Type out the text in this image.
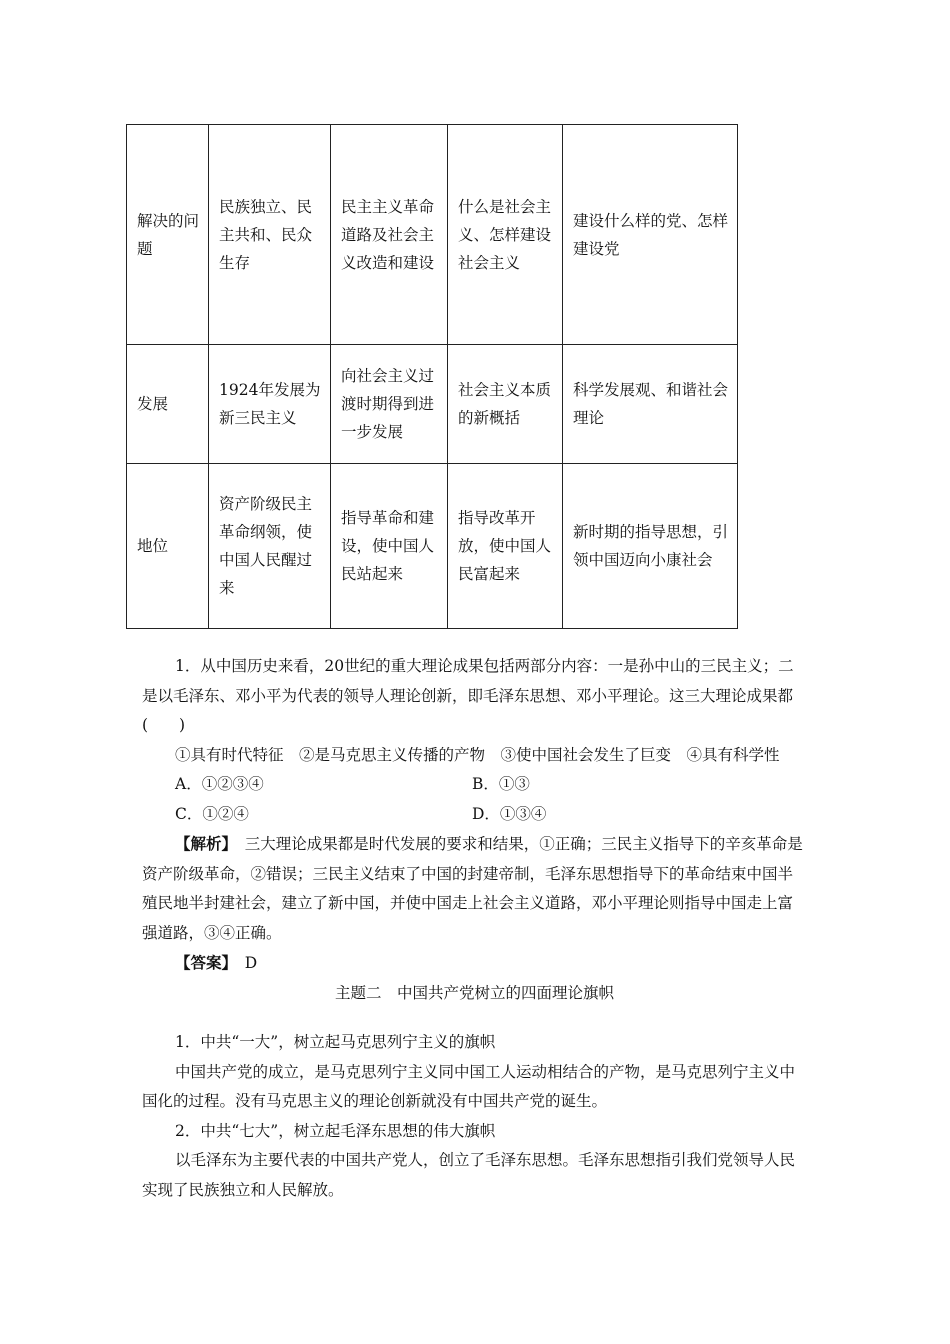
解决的问题	民族独立、民主共和、民众生存	民主主义革命道路及社会主义改造和建设	什么是社会主义、怎样建设社会主义	建设什么样的党、怎样建设党
发展	1924年发展为新三民主义	向社会主义过渡时期得到进一步发展	社会主义本质的新概括	科学发展观、和谐社会理论
地位	资产阶级民主革命纲领，使中国人民醒过来	指导革命和建设，使中国人民站起来	指导改革开放，使中国人民富起来	新时期的指导思想，引领中国迈向小康社会

1．从中国历史来看，20世纪的重大理论成果包括两部分内容：一是孙中山的三民主义；二是以毛泽东、邓小平为代表的领导人理论创新，即毛泽东思想、邓小平理论。这三大理论成果都(　　)

①具有时代特征　②是马克思主义传播的产物　③使中国社会发生了巨变　④具有科学性

A．①②③④	B．①③
C．①②④	D．①③④

【解析】　三大理论成果都是时代发展的要求和结果，①正确；三民主义指导下的辛亥革命是资产阶级革命，②错误；三民主义结束了中国的封建帝制，毛泽东思想指导下的革命结束中国半殖民地半封建社会，建立了新中国，并使中国走上社会主义道路，邓小平理论则指导中国走上富强道路，③④正确。

【答案】　D

主题二　中国共产党树立的四面理论旗帜

1．中共“一大”，树立起马克思列宁主义的旗帜

中国共产党的成立，是马克思列宁主义同中国工人运动相结合的产物，是马克思列宁主义中国化的过程。没有马克思主义的理论创新就没有中国共产党的诞生。

2．中共“七大”，树立起毛泽东思想的伟大旗帜

以毛泽东为主要代表的中国共产党人，创立了毛泽东思想。毛泽东思想指引我们党领导人民实现了民族独立和人民解放。
